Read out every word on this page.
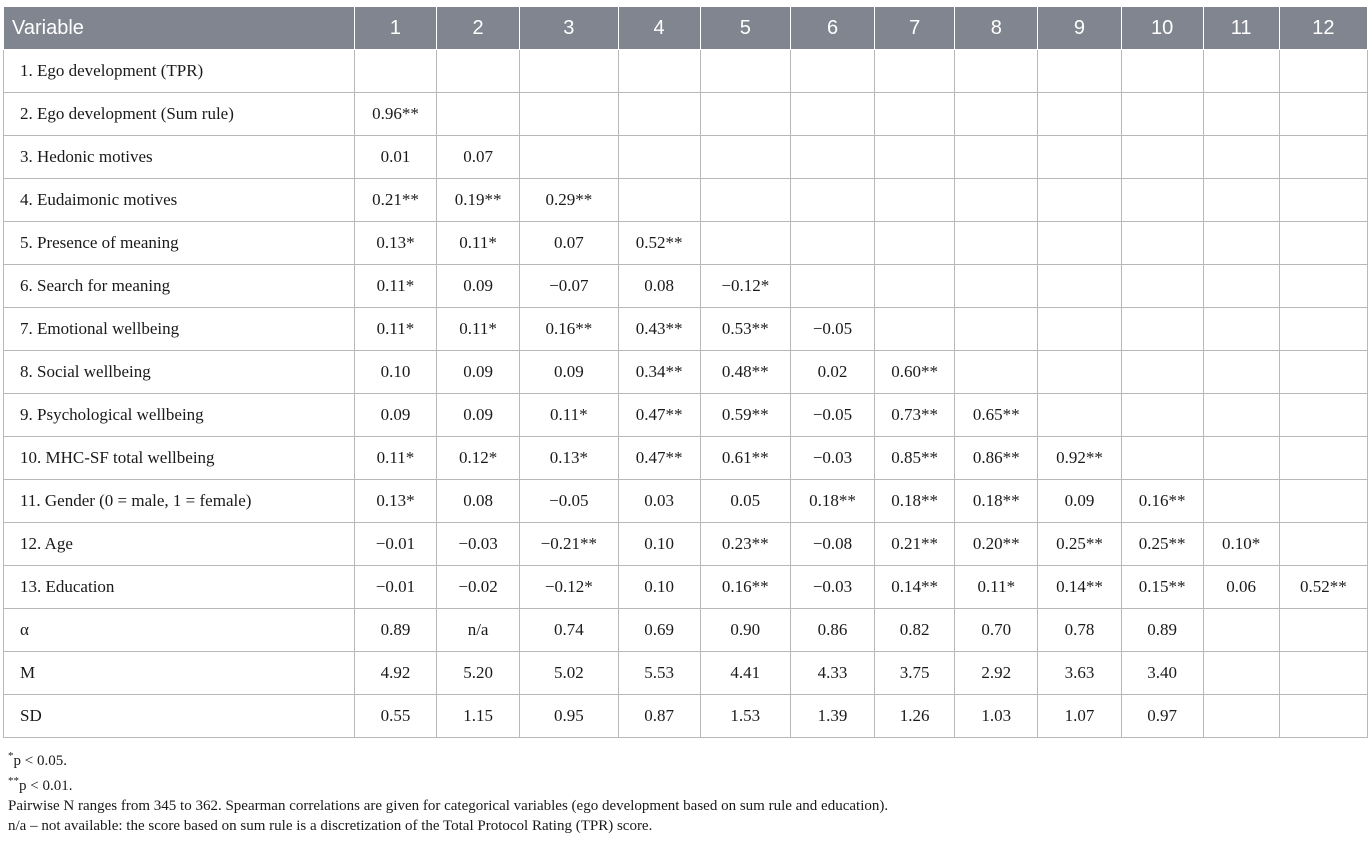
Variable	1	2	3	4	5	6	7	8	9	10	11	12
1. Ego development (TPR)												
2. Ego development (Sum rule)	0.96**											
3. Hedonic motives	0.01	0.07										
4. Eudaimonic motives	0.21**	0.19**	0.29**									
5. Presence of meaning	0.13*	0.11*	0.07	0.52**								
6. Search for meaning	0.11*	0.09	−0.07	0.08	−0.12*							
7. Emotional wellbeing	0.11*	0.11*	0.16**	0.43**	0.53**	−0.05						
8. Social wellbeing	0.10	0.09	0.09	0.34**	0.48**	0.02	0.60**					
9. Psychological wellbeing	0.09	0.09	0.11*	0.47**	0.59**	−0.05	0.73**	0.65**				
10. MHC-SF total wellbeing	0.11*	0.12*	0.13*	0.47**	0.61**	−0.03	0.85**	0.86**	0.92**			
11. Gender (0 = male, 1 = female)	0.13*	0.08	−0.05	0.03	0.05	0.18**	0.18**	0.18**	0.09	0.16**		
12. Age	−0.01	−0.03	−0.21**	0.10	0.23**	−0.08	0.21**	0.20**	0.25**	0.25**	0.10*	
13. Education	−0.01	−0.02	−0.12*	0.10	0.16**	−0.03	0.14**	0.11*	0.14**	0.15**	0.06	0.52**
α	0.89	n/a	0.74	0.69	0.90	0.86	0.82	0.70	0.78	0.89		
M	4.92	5.20	5.02	5.53	4.41	4.33	3.75	2.92	3.63	3.40		
SD	0.55	1.15	0.95	0.87	1.53	1.39	1.26	1.03	1.07	0.97		
*p < 0.05.
**p < 0.01.
Pairwise N ranges from 345 to 362. Spearman correlations are given for categorical variables (ego development based on sum rule and education).
n/a – not available: the score based on sum rule is a discretization of the Total Protocol Rating (TPR) score.
